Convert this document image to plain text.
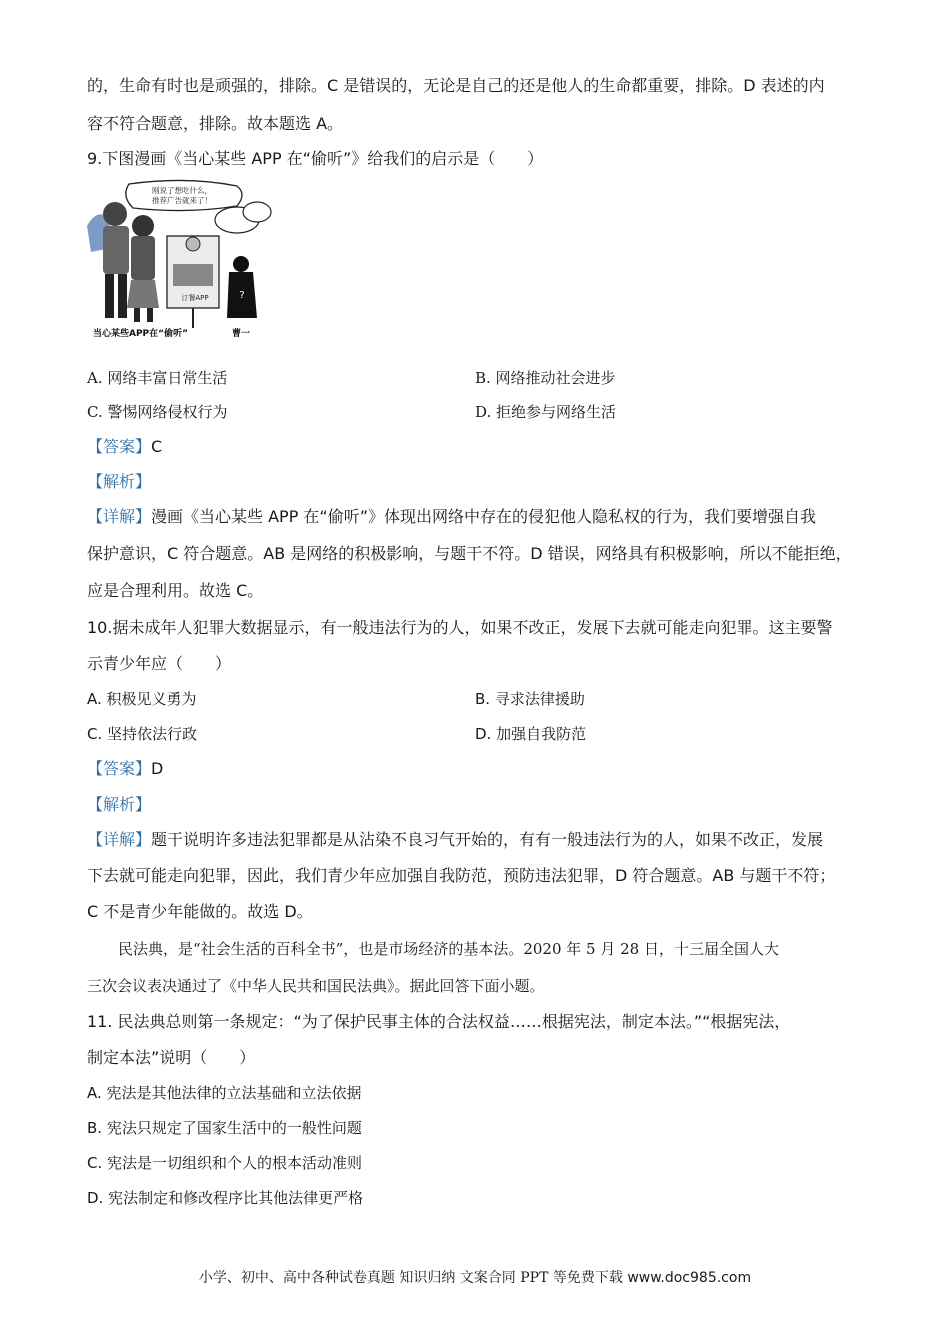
的，生命有时也是顽强的，排除。C 是错误的，无论是自己的还是他人的生命都重要，排除。D 表述的内
容不符合题意，排除。故本题选 A。
9.下图漫画《当心某些 APP 在“偷听”》给我们的启示是（　　）
刚说了想吃什么，
推荐广告就来了！
订餐APP	?
当心某些APP在“偷听”	曹一
A. 网络丰富日常生活	B. 网络推动社会进步
C. 警惕网络侵权行为	D. 拒绝参与网络生活
【答案】C
【解析】
【详解】漫画《当心某些 APP 在“偷听”》体现出网络中存在的侵犯他人隐私权的行为，我们要增强自我
保护意识，C 符合题意。AB 是网络的积极影响，与题干不符。D 错误，网络具有积极影响，所以不能拒绝，
应是合理利用。故选 C。
10.据未成年人犯罪大数据显示，有一般违法行为的人，如果不改正，发展下去就可能走向犯罪。这主要警
示青少年应（　　）
A. 积极见义勇为	B. 寻求法律援助
C. 坚持依法行政	D. 加强自我防范
【答案】D
【解析】
【详解】题干说明许多违法犯罪都是从沾染不良习气开始的，有有一般违法行为的人，如果不改正，发展
下去就可能走向犯罪，因此，我们青少年应加强自我防范，预防违法犯罪，D 符合题意。AB 与题干不符；
C 不是青少年能做的。故选 D。
民法典，是“社会生活的百科全书”，也是市场经济的基本法。2020 年 5 月 28 日，十三届全国人大
三次会议表决通过了《中华人民共和国民法典》。据此回答下面小题。
11. 民法典总则第一条规定：“为了保护民事主体的合法权益……根据宪法，制定本法。”“根据宪法，
制定本法”说明（　　）
A. 宪法是其他法律的立法基础和立法依据
B. 宪法只规定了国家生活中的一般性问题
C. 宪法是一切组织和个人的根本活动准则
D. 宪法制定和修改程序比其他法律更严格
小学、初中、高中各种试卷真题 知识归纳 文案合同 PPT 等免费下载 www.doc985.com
